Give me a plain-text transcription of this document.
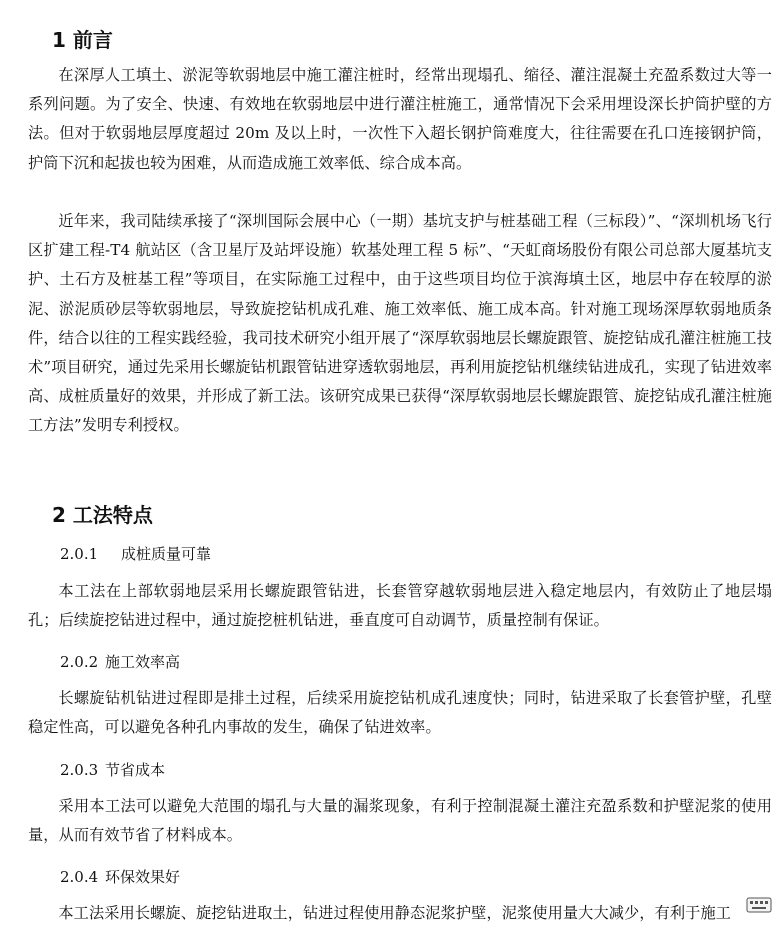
1 前言

在深厚人工填土、淤泥等软弱地层中施工灌注桩时，经常出现塌孔、缩径、灌注混凝土充盈系数过大等一系列问题。为了安全、快速、有效地在软弱地层中进行灌注桩施工，通常情况下会采用埋设深长护筒护壁的方法。但对于软弱地层厚度超过 20m 及以上时，一次性下入超长钢护筒难度大，往往需要在孔口连接钢护筒，护筒下沉和起拔也较为困难，从而造成施工效率低、综合成本高。

近年来，我司陆续承接了“深圳国际会展中心（一期）基坑支护与桩基础工程（三标段）”、“深圳机场飞行区扩建工程-T4 航站区（含卫星厅及站坪设施）软基处理工程 5 标”、“天虹商场股份有限公司总部大厦基坑支护、土石方及桩基工程”等项目，在实际施工过程中，由于这些项目均位于滨海填土区，地层中存在较厚的淤泥、淤泥质砂层等软弱地层，导致旋挖钻机成孔难、施工效率低、施工成本高。针对施工现场深厚软弱地质条件，结合以往的工程实践经验，我司技术研究小组开展了“深厚软弱地层长螺旋跟管、旋挖钻成孔灌注桩施工技术”项目研究，通过先采用长螺旋钻机跟管钻进穿透软弱地层，再利用旋挖钻机继续钻进成孔，实现了钻进效率高、成桩质量好的效果，并形成了新工法。该研究成果已获得“深厚软弱地层长螺旋跟管、旋挖钻成孔灌注桩施工方法”发明专利授权。

2 工法特点
2.0.1 成桩质量可靠

本工法在上部软弱地层采用长螺旋跟管钻进，长套管穿越软弱地层进入稳定地层内，有效防止了地层塌孔；后续旋挖钻进过程中，通过旋挖桩机钻进，垂直度可自动调节，质量控制有保证。

2.0.2 施工效率高

长螺旋钻机钻进过程即是排土过程，后续采用旋挖钻机成孔速度快；同时，钻进采取了长套管护壁，孔壁稳定性高，可以避免各种孔内事故的发生，确保了钻进效率。

2.0.3 节省成本

采用本工法可以避免大范围的塌孔与大量的漏浆现象，有利于控制混凝土灌注充盈系数和护壁泥浆的使用量，从而有效节省了材料成本。

2.0.4 环保效果好

本工法采用长螺旋、旋挖钻进取土，钻进过程使用静态泥浆护壁，泥浆使用量大大减少，有利于施工
